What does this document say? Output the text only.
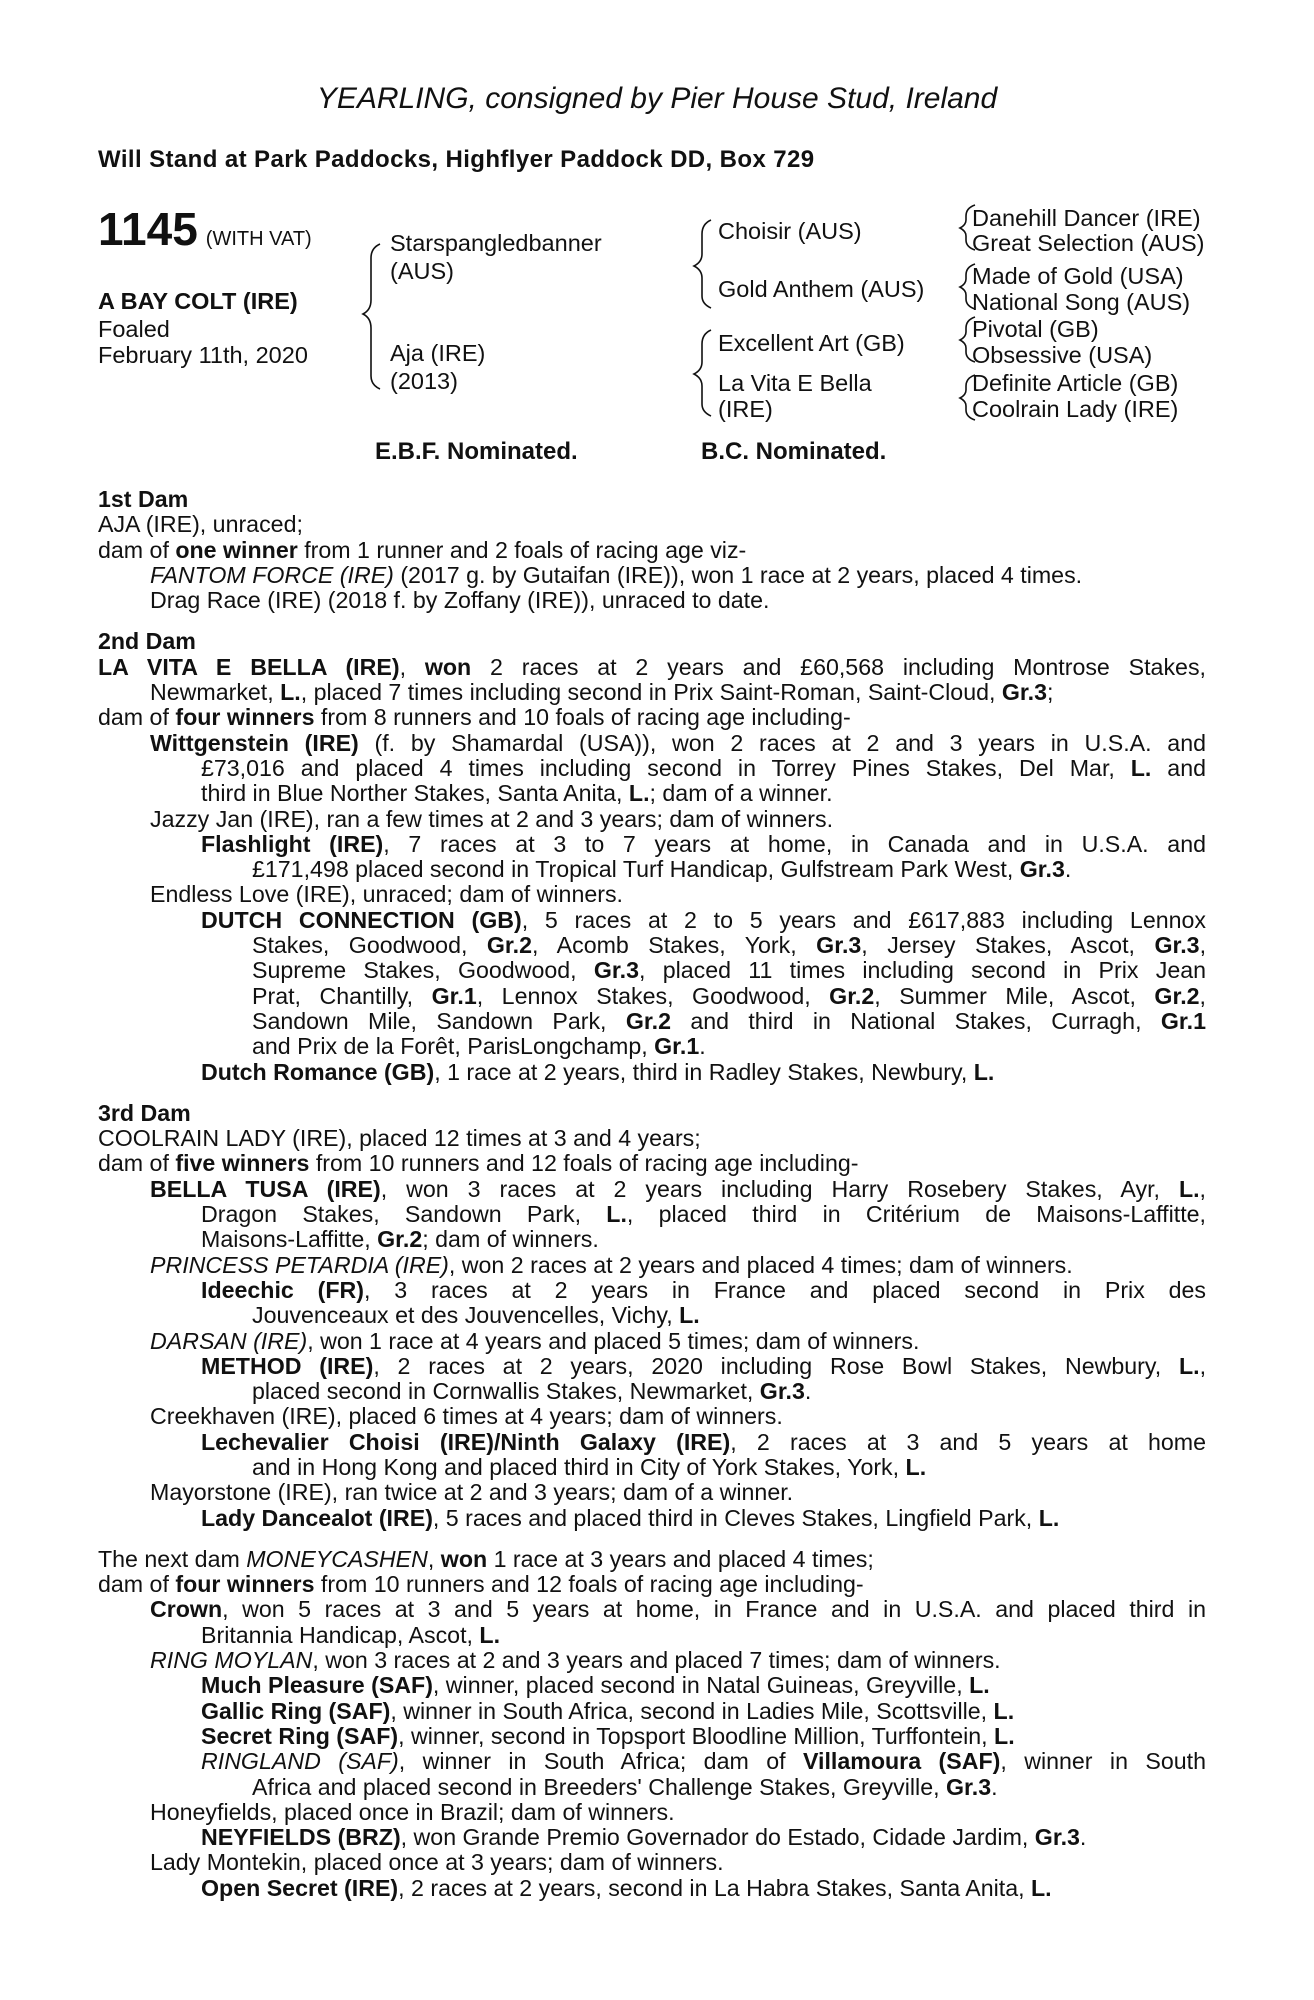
YEARLING, consigned by Pier House Stud, Ireland
Will Stand at Park Paddocks, Highflyer Paddock DD, Box 729
1145 (WITH VAT)
A BAY COLT (IRE)
Foaled
February 11th, 2020
Starspangledbanner
(AUS)
Aja (IRE)
(2013)
Choisir (AUS)
Gold Anthem (AUS)
Excellent Art (GB)
La Vita E Bella
(IRE)
Danehill Dancer (IRE)
Great Selection (AUS)
Made of Gold (USA)
National Song (AUS)
Pivotal (GB)
Obsessive (USA)
Definite Article (GB)
Coolrain Lady (IRE)
E.B.F. Nominated.	B.C. Nominated.
1st Dam
AJA (IRE), unraced;
dam of one winner from 1 runner and 2 foals of racing age viz-
FANTOM FORCE (IRE) (2017 g. by Gutaifan (IRE)), won 1 race at 2 years, placed 4 times.
Drag Race (IRE) (2018 f. by Zoffany (IRE)), unraced to date.
2nd Dam
LA VITA E BELLA (IRE), won 2 races at 2 years and £60,568 including Montrose Stakes,
Newmarket, L., placed 7 times including second in Prix Saint-Roman, Saint-Cloud, Gr.3;
dam of four winners from 8 runners and 10 foals of racing age including-
Wittgenstein (IRE) (f. by Shamardal (USA)), won 2 races at 2 and 3 years in U.S.A. and
£73,016 and placed 4 times including second in Torrey Pines Stakes, Del Mar, L. and
third in Blue Norther Stakes, Santa Anita, L.; dam of a winner.
Jazzy Jan (IRE), ran a few times at 2 and 3 years; dam of winners.
Flashlight (IRE), 7 races at 3 to 7 years at home, in Canada and in U.S.A. and
£171,498 placed second in Tropical Turf Handicap, Gulfstream Park West, Gr.3.
Endless Love (IRE), unraced; dam of winners.
DUTCH CONNECTION (GB), 5 races at 2 to 5 years and £617,883 including Lennox
Stakes, Goodwood, Gr.2, Acomb Stakes, York, Gr.3, Jersey Stakes, Ascot, Gr.3,
Supreme Stakes, Goodwood, Gr.3, placed 11 times including second in Prix Jean
Prat, Chantilly, Gr.1, Lennox Stakes, Goodwood, Gr.2, Summer Mile, Ascot, Gr.2,
Sandown Mile, Sandown Park, Gr.2 and third in National Stakes, Curragh, Gr.1
and Prix de la Forêt, ParisLongchamp, Gr.1.
Dutch Romance (GB), 1 race at 2 years, third in Radley Stakes, Newbury, L.
3rd Dam
COOLRAIN LADY (IRE), placed 12 times at 3 and 4 years;
dam of five winners from 10 runners and 12 foals of racing age including-
BELLA TUSA (IRE), won 3 races at 2 years including Harry Rosebery Stakes, Ayr, L.,
Dragon Stakes, Sandown Park, L., placed third in Critérium de Maisons-Laffitte,
Maisons-Laffitte, Gr.2; dam of winners.
PRINCESS PETARDIA (IRE), won 2 races at 2 years and placed 4 times; dam of winners.
Ideechic (FR), 3 races at 2 years in France and placed second in Prix des
Jouvenceaux et des Jouvencelles, Vichy, L.
DARSAN (IRE), won 1 race at 4 years and placed 5 times; dam of winners.
METHOD (IRE), 2 races at 2 years, 2020 including Rose Bowl Stakes, Newbury, L.,
placed second in Cornwallis Stakes, Newmarket, Gr.3.
Creekhaven (IRE), placed 6 times at 4 years; dam of winners.
Lechevalier Choisi (IRE)/Ninth Galaxy (IRE), 2 races at 3 and 5 years at home
and in Hong Kong and placed third in City of York Stakes, York, L.
Mayorstone (IRE), ran twice at 2 and 3 years; dam of a winner.
Lady Dancealot (IRE), 5 races and placed third in Cleves Stakes, Lingfield Park, L.
The next dam MONEYCASHEN, won 1 race at 3 years and placed 4 times;
dam of four winners from 10 runners and 12 foals of racing age including-
Crown, won 5 races at 3 and 5 years at home, in France and in U.S.A. and placed third in
Britannia Handicap, Ascot, L.
RING MOYLAN, won 3 races at 2 and 3 years and placed 7 times; dam of winners.
Much Pleasure (SAF), winner, placed second in Natal Guineas, Greyville, L.
Gallic Ring (SAF), winner in South Africa, second in Ladies Mile, Scottsville, L.
Secret Ring (SAF), winner, second in Topsport Bloodline Million, Turffontein, L.
RINGLAND (SAF), winner in South Africa; dam of Villamoura (SAF), winner in South
Africa and placed second in Breeders' Challenge Stakes, Greyville, Gr.3.
Honeyfields, placed once in Brazil; dam of winners.
NEYFIELDS (BRZ), won Grande Premio Governador do Estado, Cidade Jardim, Gr.3.
Lady Montekin, placed once at 3 years; dam of winners.
Open Secret (IRE), 2 races at 2 years, second in La Habra Stakes, Santa Anita, L.
